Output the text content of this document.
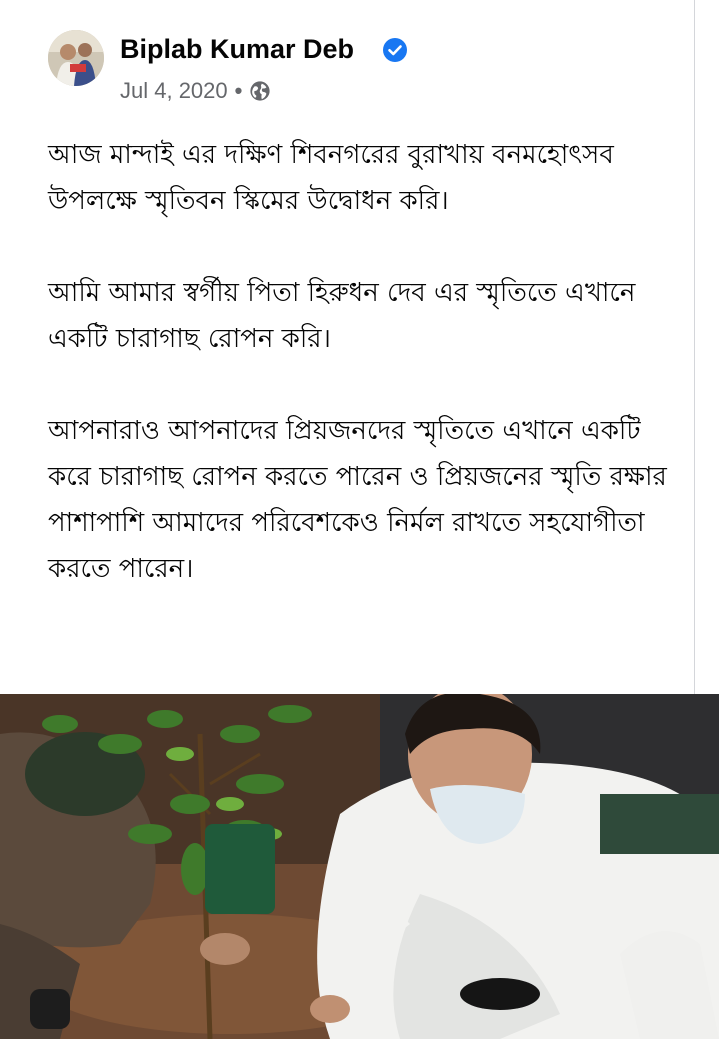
Biplab Kumar Deb
Jul 4, 2020 •

আজ মান্দাই এর দক্ষিণ শিবনগরের বুরাখায় বনমহোৎসব উপলক্ষে স্মৃতিবন স্কিমের উদ্বোধন করি।

আমি আমার স্বর্গীয় পিতা হিরুধন দেব এর স্মৃতিতে এখানে একটি চারাগাছ রোপন করি।

আপনারাও আপনাদের প্রিয়জনদের স্মৃতিতে এখানে একটি করে চারাগাছ রোপন করতে পারেন ও প্রিয়জনের স্মৃতি রক্ষার পাশাপাশি আমাদের পরিবেশকেও নির্মল রাখতে সহযোগীতা করতে পারেন।
